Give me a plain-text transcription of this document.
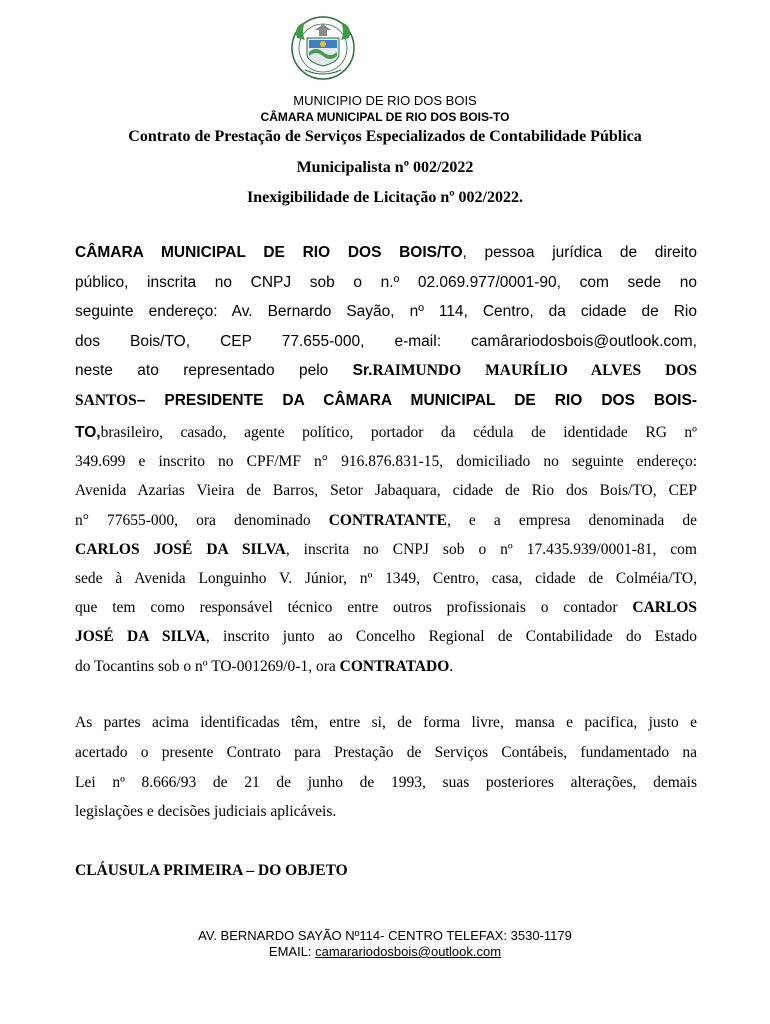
MUNICIPIO DE RIO DOS BOIS
CÂMARA MUNICIPAL DE RIO DOS BOIS-TO
Contrato de Prestação de Serviços Especializados de Contabilidade Pública
Municipalista nº 002/2022
Inexigibilidade de Licitação nº 002/2022.
CÂMARA MUNICIPAL DE RIO DOS BOIS/TO, pessoa jurídica de direito
público, inscrita no CNPJ sob o n.º 02.069.977/0001-90, com sede no
seguinte endereço: Av. Bernardo Sayão, nº 114, Centro, da cidade de Rio
dos Bois/TO, CEP 77.655-000, e-mail: camârariodosbois@outlook.com,
neste ato representado pelo Sr.RAIMUNDO MAURÍLIO ALVES DOS
SANTOS– PRESIDENTE DA CÂMARA MUNICIPAL DE RIO DOS BOIS-
TO,brasileiro, casado, agente político, portador da cédula de identidade RG nº
349.699 e inscrito no CPF/MF n° 916.876.831-15, domiciliado no seguinte endereço:
Avenida Azarias Vieira de Barros, Setor Jabaquara, cidade de Rio dos Bois/TO, CEP
n° 77655-000, ora denominado CONTRATANTE, e a empresa denominada de
CARLOS JOSÉ DA SILVA, inscrita no CNPJ sob o nº 17.435.939/0001-81, com
sede à Avenida Longuinho V. Júnior, nº 1349, Centro, casa, cidade de Colméia/TO,
que tem como responsável técnico entre outros profissionais o contador CARLOS
JOSÉ DA SILVA, inscrito junto ao Concelho Regional de Contabilidade do Estado
do Tocantins sob o nº TO-001269/0-1, ora CONTRATADO.
As partes acima identificadas têm, entre si, de forma livre, mansa e pacifica, justo e
acertado o presente Contrato para Prestação de Serviços Contábeis, fundamentado na
Lei nº 8.666/93 de 21 de junho de 1993, suas posteriores alterações, demais
legislações e decisões judiciais aplicáveis.
CLÁUSULA PRIMEIRA – DO OBJETO
AV. BERNARDO SAYÃO Nº114- CENTRO TELEFAX: 3530-1179
EMAIL: camarariodosbois@outlook.com
